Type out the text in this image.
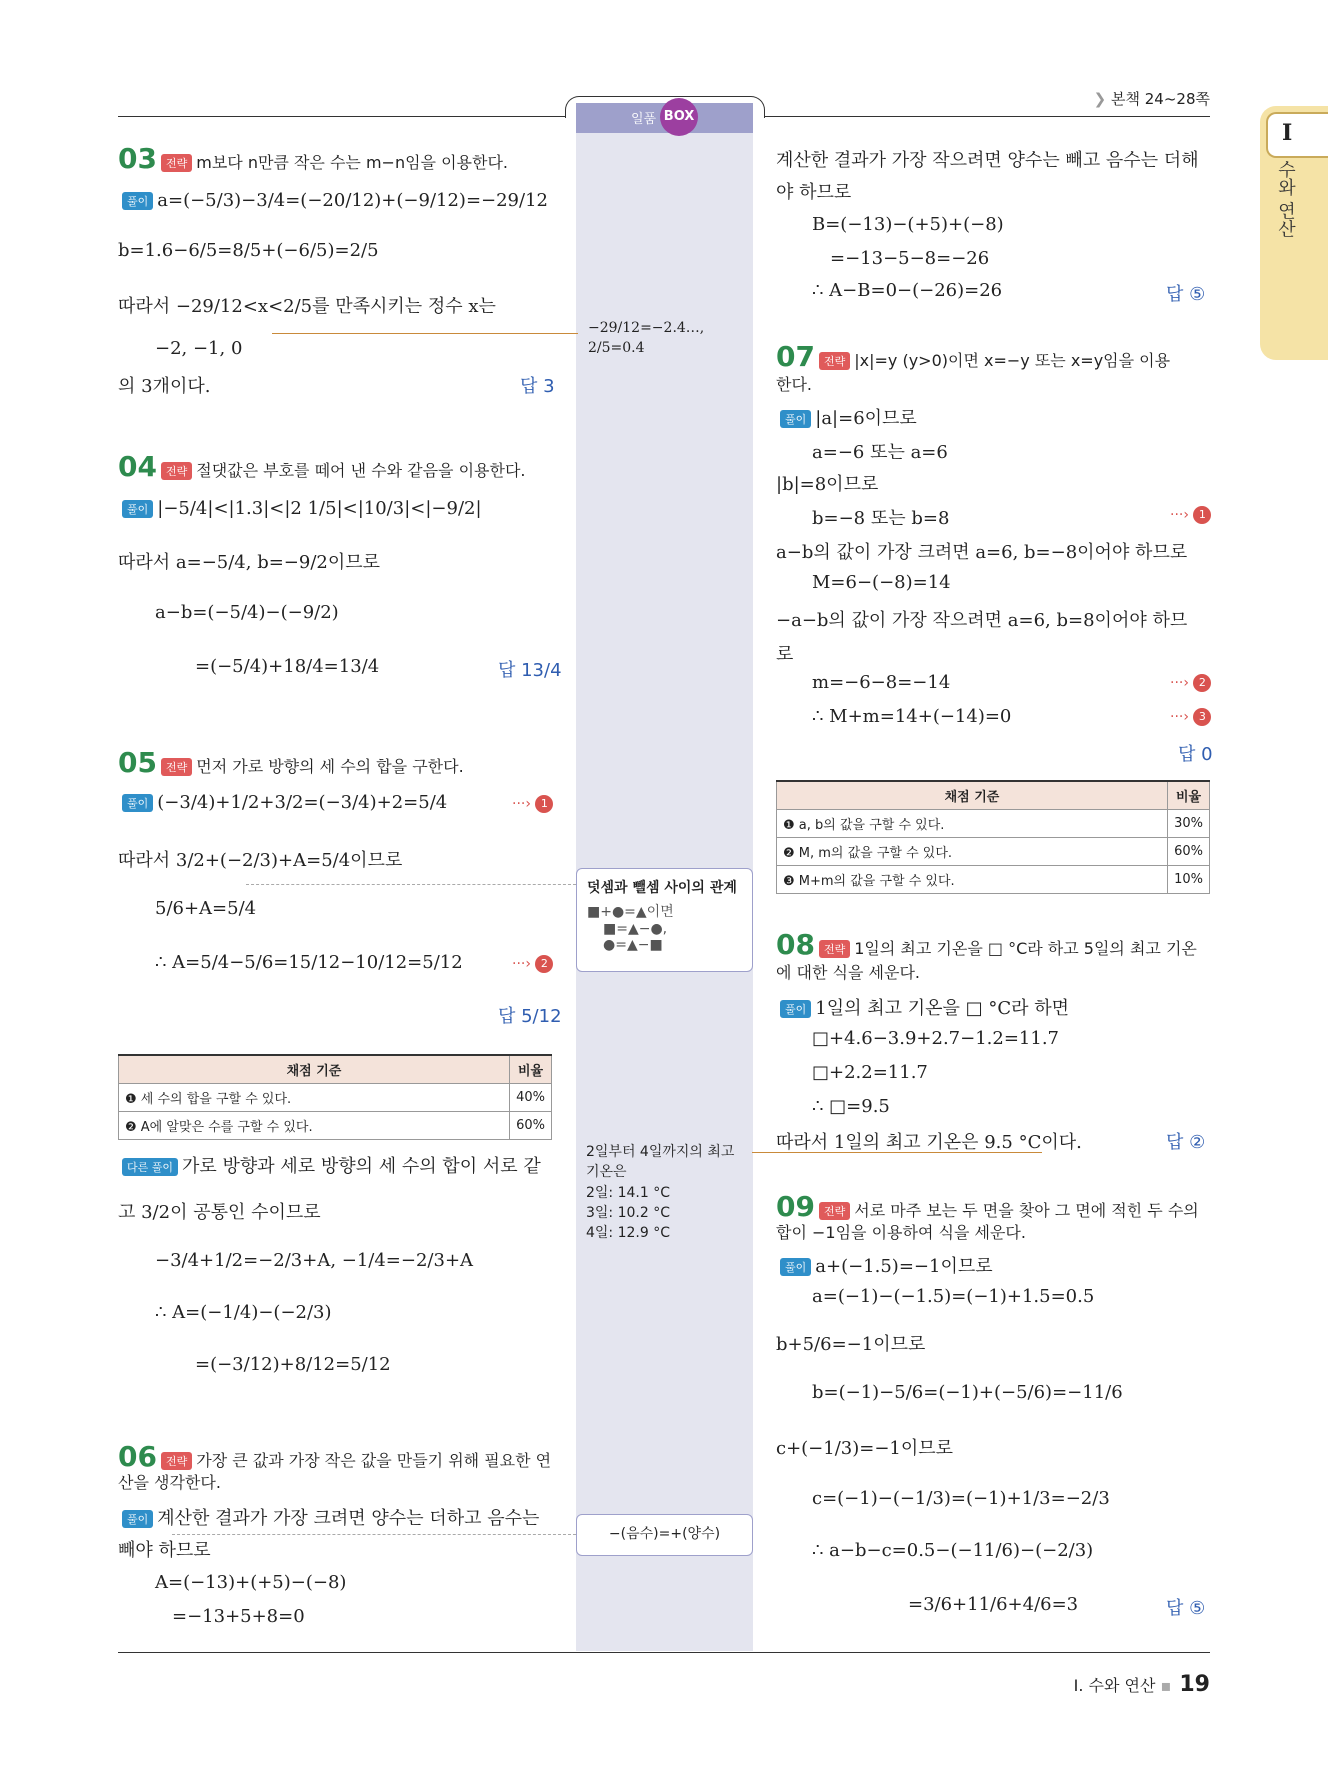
❯ 본책 24~28쪽
일품 BOX
I
수와 연산
03 전략 m보다 n만큼 작은 수는 m−n임을 이용한다.
풀이 a=(−5/3)−3/4=(−20/12)+(−9/12)=−29/12
b=1.6−6/5=8/5+(−6/5)=2/5
따라서 −29/12<x<2/5를 만족시키는 정수 x는
−2, −1, 0
의 3개이다.	답 3
04 전략 절댓값은 부호를 떼어 낸 수와 같음을 이용한다.
풀이 |−5/4|<|1.3|<|2 1/5|<|10/3|<|−9/2|
따라서 a=−5/4, b=−9/2이므로
a−b=(−5/4)−(−9/2)
=(−5/4)+18/4=13/4	답 13/4
05 전략 먼저 가로 방향의 세 수의 합을 구한다.
풀이 (−3/4)+1/2+3/2=(−3/4)+2=5/4	···› 1
따라서 3/2+(−2/3)+A=5/4이므로
5/6+A=5/4
∴ A=5/4−5/6=15/12−10/12=5/12	···› 2
답 5/12
채점 기준	비율
❶ 세 수의 합을 구할 수 있다.	40%
❷ A에 알맞은 수를 구할 수 있다.	60%
다른 풀이 가로 방향과 세로 방향의 세 수의 합이 서로 같
고 3/2이 공통인 수이므로
−3/4+1/2=−2/3+A, −1/4=−2/3+A
∴ A=(−1/4)−(−2/3)
=(−3/12)+8/12=5/12
06 전략 가장 큰 값과 가장 작은 값을 만들기 위해 필요한 연
산을 생각한다.
풀이 계산한 결과가 가장 크려면 양수는 더하고 음수는
빼야 하므로
A=(−13)+(+5)−(−8)
=−13+5+8=0
−29/12=−2.4…,
2/5=0.4
덧셈과 뺄셈 사이의 관계
■+●=▲이면
■=▲−●,
●=▲−■
2일부터 4일까지의 최고
기온은
2일: 14.1 °C
3일: 10.2 °C
4일: 12.9 °C
−(음수)=+(양수)
계산한 결과가 가장 작으려면 양수는 빼고 음수는 더해
야 하므로
B=(−13)−(+5)+(−8)
=−13−5−8=−26
∴ A−B=0−(−26)=26	답 ⑤
07 전략 |x|=y (y>0)이면 x=−y 또는 x=y임을 이용
한다.
풀이 |a|=6이므로
a=−6 또는 a=6
|b|=8이므로
b=−8 또는 b=8	···› 1
a−b의 값이 가장 크려면 a=6, b=−8이어야 하므로
M=6−(−8)=14
−a−b의 값이 가장 작으려면 a=6, b=8이어야 하므
로
m=−6−8=−14	···› 2
∴ M+m=14+(−14)=0	···› 3
답 0
채점 기준	비율
❶ a, b의 값을 구할 수 있다.	30%
❷ M, m의 값을 구할 수 있다.	60%
❸ M+m의 값을 구할 수 있다.	10%
08 전략 1일의 최고 기온을 □ °C라 하고 5일의 최고 기온
에 대한 식을 세운다.
풀이 1일의 최고 기온을 □ °C라 하면
□+4.6−3.9+2.7−1.2=11.7
□+2.2=11.7
∴ □=9.5
따라서 1일의 최고 기온은 9.5 °C이다.	답 ②
09 전략 서로 마주 보는 두 면을 찾아 그 면에 적힌 두 수의
합이 −1임을 이용하여 식을 세운다.
풀이 a+(−1.5)=−1이므로
a=(−1)−(−1.5)=(−1)+1.5=0.5
b+5/6=−1이므로
b=(−1)−5/6=(−1)+(−5/6)=−11/6
c+(−1/3)=−1이므로
c=(−1)−(−1/3)=(−1)+1/3=−2/3
∴ a−b−c=0.5−(−11/6)−(−2/3)
=3/6+11/6+4/6=3	답 ⑤
Ⅰ. 수와 연산 ▪ 19
